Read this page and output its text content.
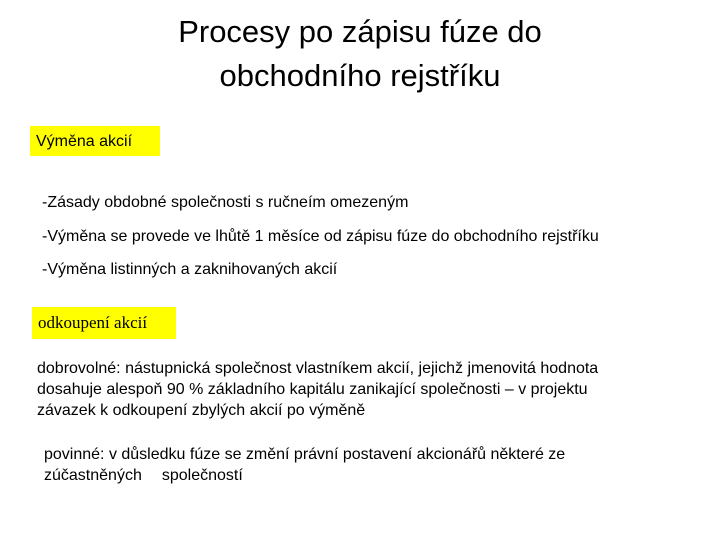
Procesy po zápisu fúze do
obchodního rejstříku
Výměna akcií
-Zásady obdobné společnosti s ručneím omezeným
-Výměna se provede ve lhůtě 1 měsíce od zápisu fúze do obchodního rejstříku
-Výměna listinných a zaknihovaných akcií
odkoupení akcií
dobrovolné: nástupnická společnost vlastníkem akcií, jejichž jmenovitá hodnota
dosahuje alespoň 90 % základního kapitálu zanikající společnosti – v projektu
závazek k odkoupení zbylých akcií po výměně
povinné: v důsledku fúze se změní právní postavení akcionářů některé ze
zúčastněných společností
